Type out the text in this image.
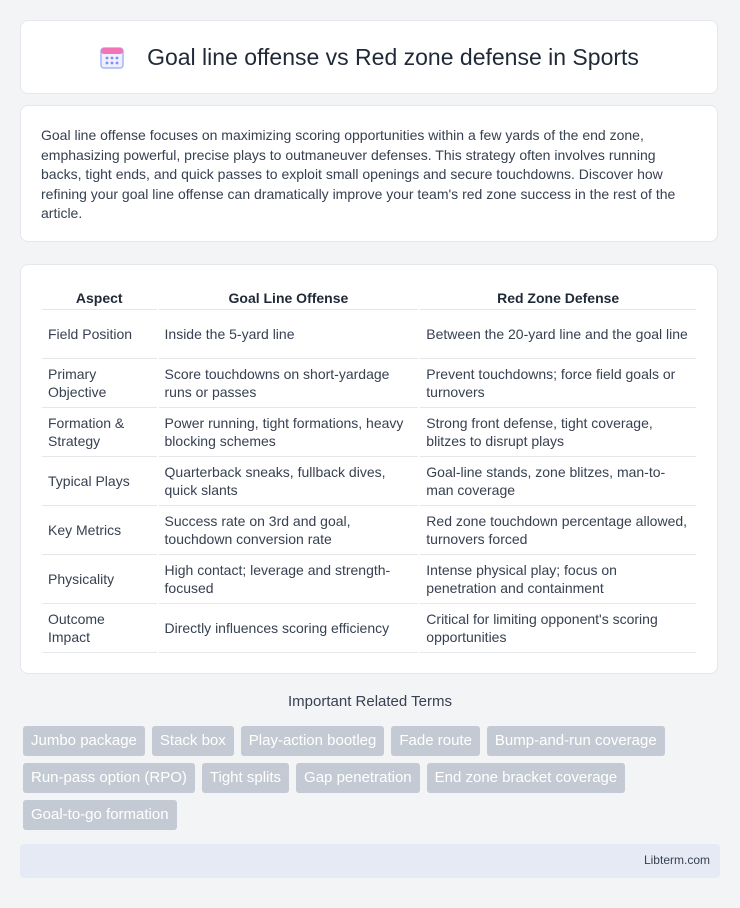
Goal line offense vs Red zone defense in Sports

Goal line offense focuses on maximizing scoring opportunities within a few yards of the end zone, emphasizing powerful, precise plays to outmaneuver defenses. This strategy often involves running backs, tight ends, and quick passes to exploit small openings and secure touchdowns. Discover how refining your goal line offense can dramatically improve your team's red zone success in the rest of the article.

Aspect	Goal Line Offense	Red Zone Defense
Field Position	Inside the 5-yard line	Between the 20-yard line and the goal line
Primary Objective	Score touchdowns on short-yardage runs or passes	Prevent touchdowns; force field goals or turnovers
Formation & Strategy	Power running, tight formations, heavy blocking schemes	Strong front defense, tight coverage, blitzes to disrupt plays
Typical Plays	Quarterback sneaks, fullback dives, quick slants	Goal-line stands, zone blitzes, man-to-man coverage
Key Metrics	Success rate on 3rd and goal, touchdown conversion rate	Red zone touchdown percentage allowed, turnovers forced
Physicality	High contact; leverage and strength-focused	Intense physical play; focus on penetration and containment
Outcome Impact	Directly influences scoring efficiency	Critical for limiting opponent's scoring opportunities
Important Related Terms
Jumbo package	Stack box	Play-action bootleg	Fade route	Bump-and-run coverage
Run-pass option (RPO)	Tight splits	Gap penetration	End zone bracket coverage
Goal-to-go formation
Libterm.com
